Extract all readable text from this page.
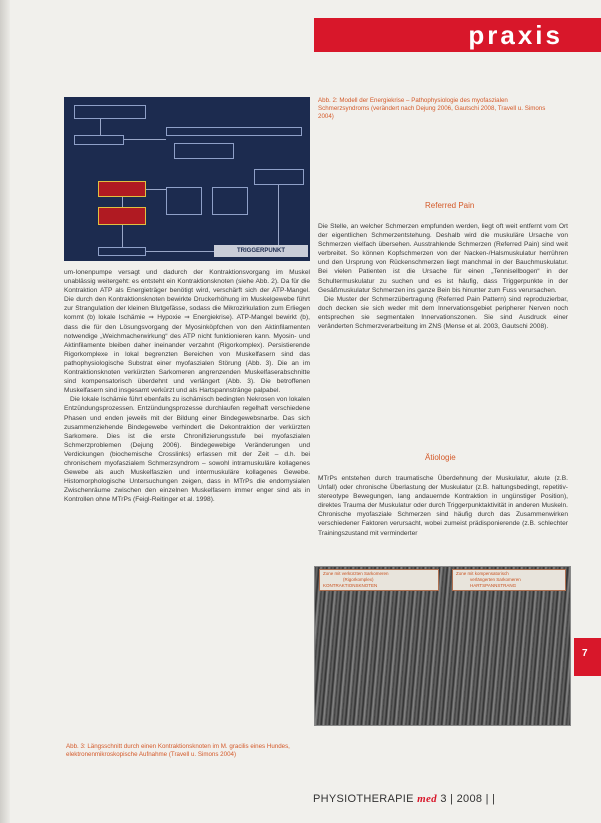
praxis
TRIGGERPUNKT
Abb. 2: Modell der Energiekrise – Pathophysiologie des myofaszialen Schmerzsyndroms (verändert nach Dejung 2006, Gautschi 2008, Travell u. Simons 2004)
Referred Pain

um-Ionenpumpe versagt und dadurch der Kontraktionsvorgang im Muskel unablässig weitergeht: es entsteht ein Kontraktionsknoten (siehe Abb. 2). Da für die Kontraktion ATP als Energieträger benötigt wird, verschärft sich der ATP-Mangel. Die durch den Kontraktionsknoten bewirkte Druckerhöhung im Muskelgewebe führt zur Strangulation der kleinen Blutgefässe, sodass die Mikrozirkulation zum Erliegen kommt (b) lokale Ischämie ⇒ Hypoxie ⇒ Energiekrise). ATP-Mangel bewirkt (b), dass die für den Lösungsvorgang der Myosinköpfchen von den Aktinfilamenten notwendige „Weichmacherwirkung“ des ATP nicht funktionieren kann. Myosin- und Aktinfilamente bleiben daher ineinander verzahnt (Rigorkomplex). Persistierende Rigorkomplexe in lokal begrenzten Bereichen von Muskelfasern sind das pathophysiologische Substrat einer myofaszialen Störung (Abb. 3). Die an im Kontraktionsknoten verkürzten Sarkomeren angrenzenden Muskelfaserabschnitte sind kompensatorisch überdehnt und verlängert (Abb. 3). Die betroffenen Muskelfasern sind insgesamt verkürzt und als Hartspannstränge palpabel.

Die lokale Ischämie führt ebenfalls zu ischämisch bedingten Nekrosen von lokalen Entzündungsprozessen. Entzündungsprozesse durchlaufen regelhaft verschiedene Phasen und enden jeweils mit der Bildung einer Bindegewebsnarbe. Das sich zusammenziehende Bindegewebe verhindert die Dekontraktion der verkürzten Sarkomere. Dies ist die erste Chronifizierungsstufe bei myofaszialen Schmerzproblemen (Dejung 2006). Bindegewebige Veränderungen und Verdickungen (biochemische Crosslinks) erfassen mit der Zeit – d.h. bei chronischem myofaszialem Schmerzsyndrom – sowohl intramuskuläre kollagenes Gewebe als auch Muskelfaszien und intermuskuläre kollagenes Gewebe. Histomorphologische Untersuchungen zeigen, dass in MTrPs die endomysialen Zwischenräume zwischen den einzelnen Muskelfasern immer enger sind als in Kontrollen ohne MTrPs (Feigl-Reitinger et al. 1998).

Die Stelle, an welcher Schmerzen empfunden werden, liegt oft weit entfernt vom Ort der eigentlichen Schmerzentstehung. Deshalb wird die muskuläre Ursache von Schmerzen vielfach übersehen. Ausstrahlende Schmerzen (Referred Pain) sind weit verbreitet. So können Kopfschmerzen von der Nacken-/Halsmuskulatur herrühren und den Ursprung von Rückenschmerzen liegt manchmal in der Bauchmuskulatur. Bei vielen Patienten ist die Ursache für einen „Tennisellbogen“ in der Schultermuskulatur zu suchen und es ist häufig, dass Triggerpunkte in der Gesäßmuskulatur Schmerzen ins ganze Bein bis hinunter zum Fuss verursachen.

Die Muster der Schmerzübertragung (Referred Pain Pattern) sind reproduzierbar, doch decken sie sich weder mit dem Innervationsgebiet peripherer Nerven noch entsprechen sie segmentalen Innervationszonen. Sie sind Ausdruck einer veränderten Schmerzverarbeitung im ZNS (Mense et al. 2003, Gautschi 2008).

Ätiologie
MTrPs entstehen durch traumatische Überdehnung der Muskulatur, akute (z.B. Unfall) oder chronische Überlastung der Muskulatur (z.B. haltungsbedingt, repetitiv-stereotype Bewegungen, lang andauernde Kontraktion in ungünstiger Position), direktes Trauma der Muskulatur oder durch Triggerpunktaktivität in anderen Muskeln. Chronische myofasziale Schmerzen sind häufig durch das Zusammenwirken verschiedener Faktoren verursacht, wobei zumeist prädisponierende (z.B. schlechter Trainingszustand mit verminderter
Zone mit verkürzten Sarkomeren
(Rigorkomplex)
KONTRAKTIONSKNOTEN
Zone mit kompensatorisch
verlängerten Sarkomeren
HARTSPANNSTRANG
Abb. 3: Längsschnitt durch einen Kontraktionsknoten im M. gracilis eines Hundes, elektronenmikroskopische Aufnahme (Travell u. Simons 2004)
7
PHYSIOTHERAPIE med 3 | 2008 | |
